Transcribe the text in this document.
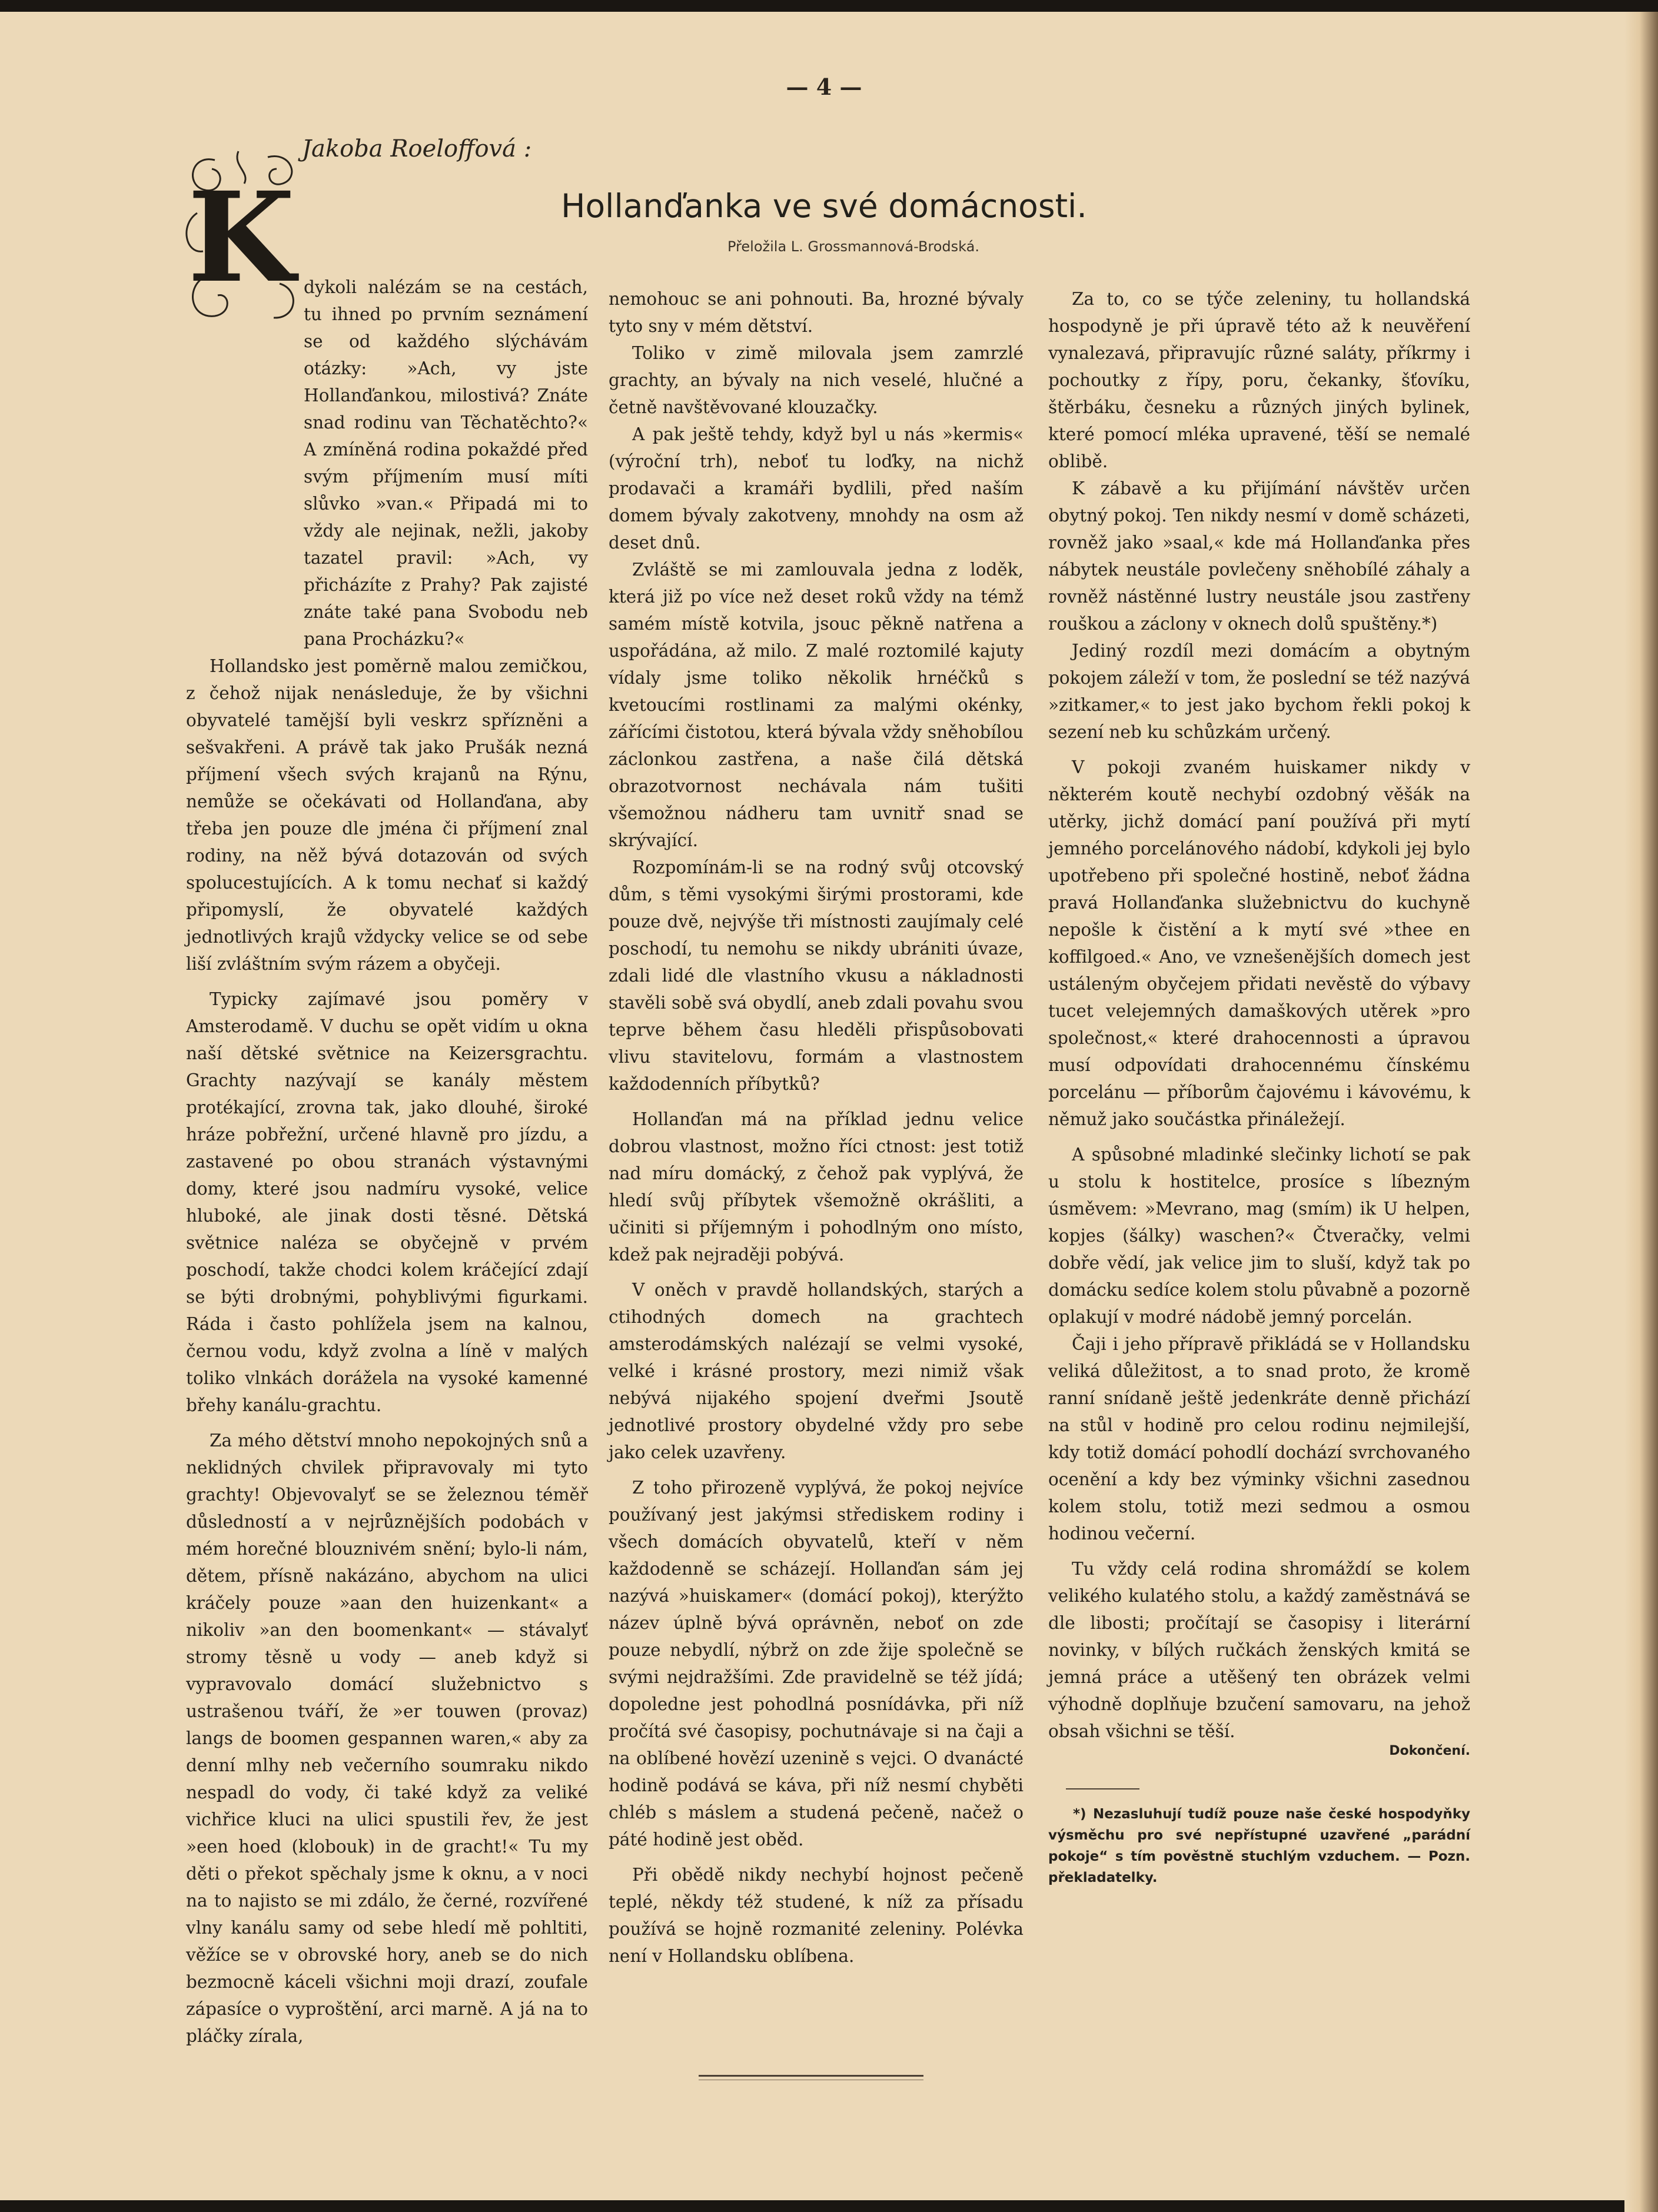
— 4 —
Jakoba Roeloffová :
Hollanďanka ve své domácnosti.
Přeložila L. Grossmannová-Brodská.
K dykoli nalézám se na cestách, tu ihned po prvním seznámení se od každého slýchávám otázky: »Ach, vy jste Hollanďankou, milostivá? Znáte snad rodinu van Těchatěchto?« A zmíněná rodina pokaždé před svým příjmením musí míti slůvko »van.« Připadá mi to vždy ale nejinak, nežli, jakoby tazatel pravil: »Ach, vy přicházíte z Prahy? Pak zajisté znáte také pana Svobodu neb pana Procházku?«

Hollandsko jest poměrně malou zemičkou, z čehož nijak nenásleduje, že by všichni obyvatelé tamější byli veskrz spřízněni a sešvakřeni. A právě tak jako Prušák nezná příjmení všech svých krajanů na Rýnu, nemůže se očekávati od Hollanďana, aby třeba jen pouze dle jména či příjmení znal rodiny, na něž bývá dotazován od svých spolucestujících. A k tomu nechať si každý připomyslí, že obyvatelé každých jednotlivých krajů vždycky velice se od sebe liší zvláštním svým rázem a obyčeji.

Typicky zajímavé jsou poměry v Amsterodamě. V duchu se opět vidím u okna naší dětské světnice na Keizersgrachtu. Grachty nazývají se kanály městem protékající, zrovna tak, jako dlouhé, široké hráze pobřežní, určené hlavně pro jízdu, a zastavené po obou stranách výstavnými domy, které jsou nadmíru vysoké, velice hluboké, ale jinak dosti těsné. Dětská světnice naléza se obyčejně v prvém poschodí, takže chodci kolem kráčející zdají se býti drobnými, pohyblivými figurkami. Ráda i často pohlížela jsem na kalnou, černou vodu, když zvolna a líně v malých toliko vlnkách dorážela na vysoké kamenné břehy kanálu-grachtu.

Za mého dětství mnoho nepokojných snů a neklidných chvilek připravovaly mi tyto grachty! Objevovalyť se se železnou téměř důsledností a v nejrůznějších podobách v mém horečné blouznivém snění; bylo-li nám, dětem, přísně nakázáno, abychom na ulici kráčely pouze »aan den huizenkant« a nikoliv »an den boomenkant« — stávalyť stromy těsně u vody — aneb když si vypravovalo domácí služebnictvo s ustrašenou tváří, že »er touwen (provaz) langs de boomen gespannen waren,« aby za denní mlhy neb večerního soumraku nikdo nespadl do vody, či také když za veliké vichřice kluci na ulici spustili řev, že jest »een hoed (klobouk) in de gracht!« Tu my děti o překot spěchaly jsme k oknu, a v noci na to najisto se mi zdálo, že černé, rozvířené vlny kanálu samy od sebe hledí mě pohltiti, věžíce se v obrovské hory, aneb se do nich bezmocně káceli všichni moji drazí, zoufale zápasíce o vyproštění, arci marně. A já na to pláčky zírala,

nemohouc se ani pohnouti. Ba, hrozné bývaly tyto sny v mém dětství.

Toliko v zimě milovala jsem zamrzlé grachty, an bývaly na nich veselé, hlučné a četně navštěvované klouzačky.

A pak ještě tehdy, když byl u nás »kermis« (výroční trh), neboť tu loďky, na nichž prodavači a kramáři bydlili, před naším domem bývaly zakotveny, mnohdy na osm až deset dnů.

Zvláště se mi zamlouvala jedna z loděk, která již po více než deset roků vždy na témž samém místě kotvila, jsouc pěkně natřena a uspořádána, až milo. Z malé roztomilé kajuty vídaly jsme toliko několik hrnéčků s kvetoucími rostlinami za malými okénky, zářícími čistotou, která bývala vždy sněhobílou záclonkou zastřena, a naše čilá dětská obrazotvornost nechávala nám tušiti všemožnou nádheru tam uvnitř snad se skrývající.

Rozpomínám-li se na rodný svůj otcovský dům, s těmi vysokými širými prostorami, kde pouze dvě, nejvýše tři místnosti zaujímaly celé poschodí, tu nemohu se nikdy ubrániti úvaze, zdali lidé dle vlastního vkusu a nákladnosti stavěli sobě svá obydlí, aneb zdali povahu svou teprve během času hleděli přispůsobovati vlivu stavitelovu, formám a vlastnostem každodenních příbytků?

Hollanďan má na příklad jednu velice dobrou vlastnost, možno říci ctnost: jest totiž nad míru domácký, z čehož pak vyplývá, že hledí svůj příbytek všemožně okrášliti, a učiniti si příjemným i pohodlným ono místo, kdež pak nejraději pobývá.

V oněch v pravdě hollandských, starých a ctihodných domech na grachtech amsterodámských nalézají se velmi vysoké, velké i krásné prostory, mezi nimiž však nebývá nijakého spojení dveřmi Jsoutě jednotlivé prostory obydelné vždy pro sebe jako celek uzavřeny.

Z toho přirozeně vyplývá, že pokoj nejvíce používaný jest jakýmsi střediskem rodiny i všech domácích obyvatelů, kteří v něm každodenně se scházejí. Hollanďan sám jej nazývá »huiskamer« (domácí pokoj), kterýžto název úplně bývá oprávněn, neboť on zde pouze nebydlí, nýbrž on zde žije společně se svými nejdražšími. Zde pravidelně se též jídá; dopoledne jest pohodlná posnídávka, při níž pročítá své časopisy, pochutnávaje si na čaji a na oblíbené hovězí uzenině s vejci. O dvanácté hodině podává se káva, při níž nesmí chyběti chléb s máslem a studená pečeně, načež o páté hodině jest oběd.

Při obědě nikdy nechybí hojnost pečeně teplé, někdy též studené, k níž za přísadu používá se hojně rozmanité zeleniny. Polévka není v Hollandsku oblíbena.

Za to, co se týče zeleniny, tu hollandská hospodyně je při úpravě této až k neuvěření vynalezavá, připravujíc různé saláty, příkrmy i pochoutky z řípy, poru, čekanky, šťovíku, štěrbáku, česneku a různých jiných bylinek, které pomocí mléka upravené, těší se nemalé oblibě.

K zábavě a ku přijímání návštěv určen obytný pokoj. Ten nikdy nesmí v domě scházeti, rovněž jako »saal,« kde má Hollanďanka přes nábytek neustále povlečeny sněhobílé záhaly a rovněž nástěnné lustry neustále jsou zastřeny rouškou a záclony v oknech dolů spuštěny.*)

Jediný rozdíl mezi domácím a obytným pokojem záleží v tom, že poslední se též nazývá »zitkamer,« to jest jako bychom řekli pokoj k sezení neb ku schůzkám určený.

V pokoji zvaném huiskamer nikdy v některém koutě nechybí ozdobný věšák na utěrky, jichž domácí paní používá při mytí jemného porcelánového nádobí, kdykoli jej bylo upotřebeno při společné hostině, neboť žádna pravá Hollanďanka služebnictvu do kuchyně nepošle k čistění a k mytí své »thee en koffilgoed.« Ano, ve vznešenějších domech jest ustáleným obyčejem přidati nevěstě do výbavy tucet velejemných damaškových utěrek »pro společnost,« které drahocennosti a úpravou musí odpovídati drahocennému čínskému porcelánu — příborům čajovému i kávovému, k němuž jako součástka přináležejí.

A spůsobné mladinké slečinky lichotí se pak u stolu k hostitelce, prosíce s líbezným úsměvem: »Mevrano, mag (smím) ik U helpen, kopjes (šálky) waschen?« Čtveračky, velmi dobře vědí, jak velice jim to sluší, když tak po domácku sedíce kolem stolu půvabně a pozorně oplakují v modré nádobě jemný porcelán.

Čaji i jeho přípravě přikládá se v Hollandsku veliká důležitost, a to snad proto, že kromě ranní snídaně ještě jedenkráte denně přichází na stůl v hodině pro celou rodinu nejmilejší, kdy totiž domácí pohodlí dochází svrchovaného ocenění a kdy bez výminky všichni zasednou kolem stolu, totiž mezi sedmou a osmou hodinou večerní.

Tu vždy celá rodina shromáždí se kolem velikého kulatého stolu, a každý zaměstnává se dle libosti; pročítají se časopisy i literární novinky, v bílých ručkách ženských kmitá se jemná práce a utěšený ten obrázek velmi výhodně doplňuje bzučení samovaru, na jehož obsah všichni se těší.

Dokončení.
*) Nezasluhují tudíž pouze naše české hospodyňky výsměchu pro své nepřístupné uzavřené „parádní pokoje“ s tím pověstně stuchlým vzduchem. — Pozn. překladatelky.
